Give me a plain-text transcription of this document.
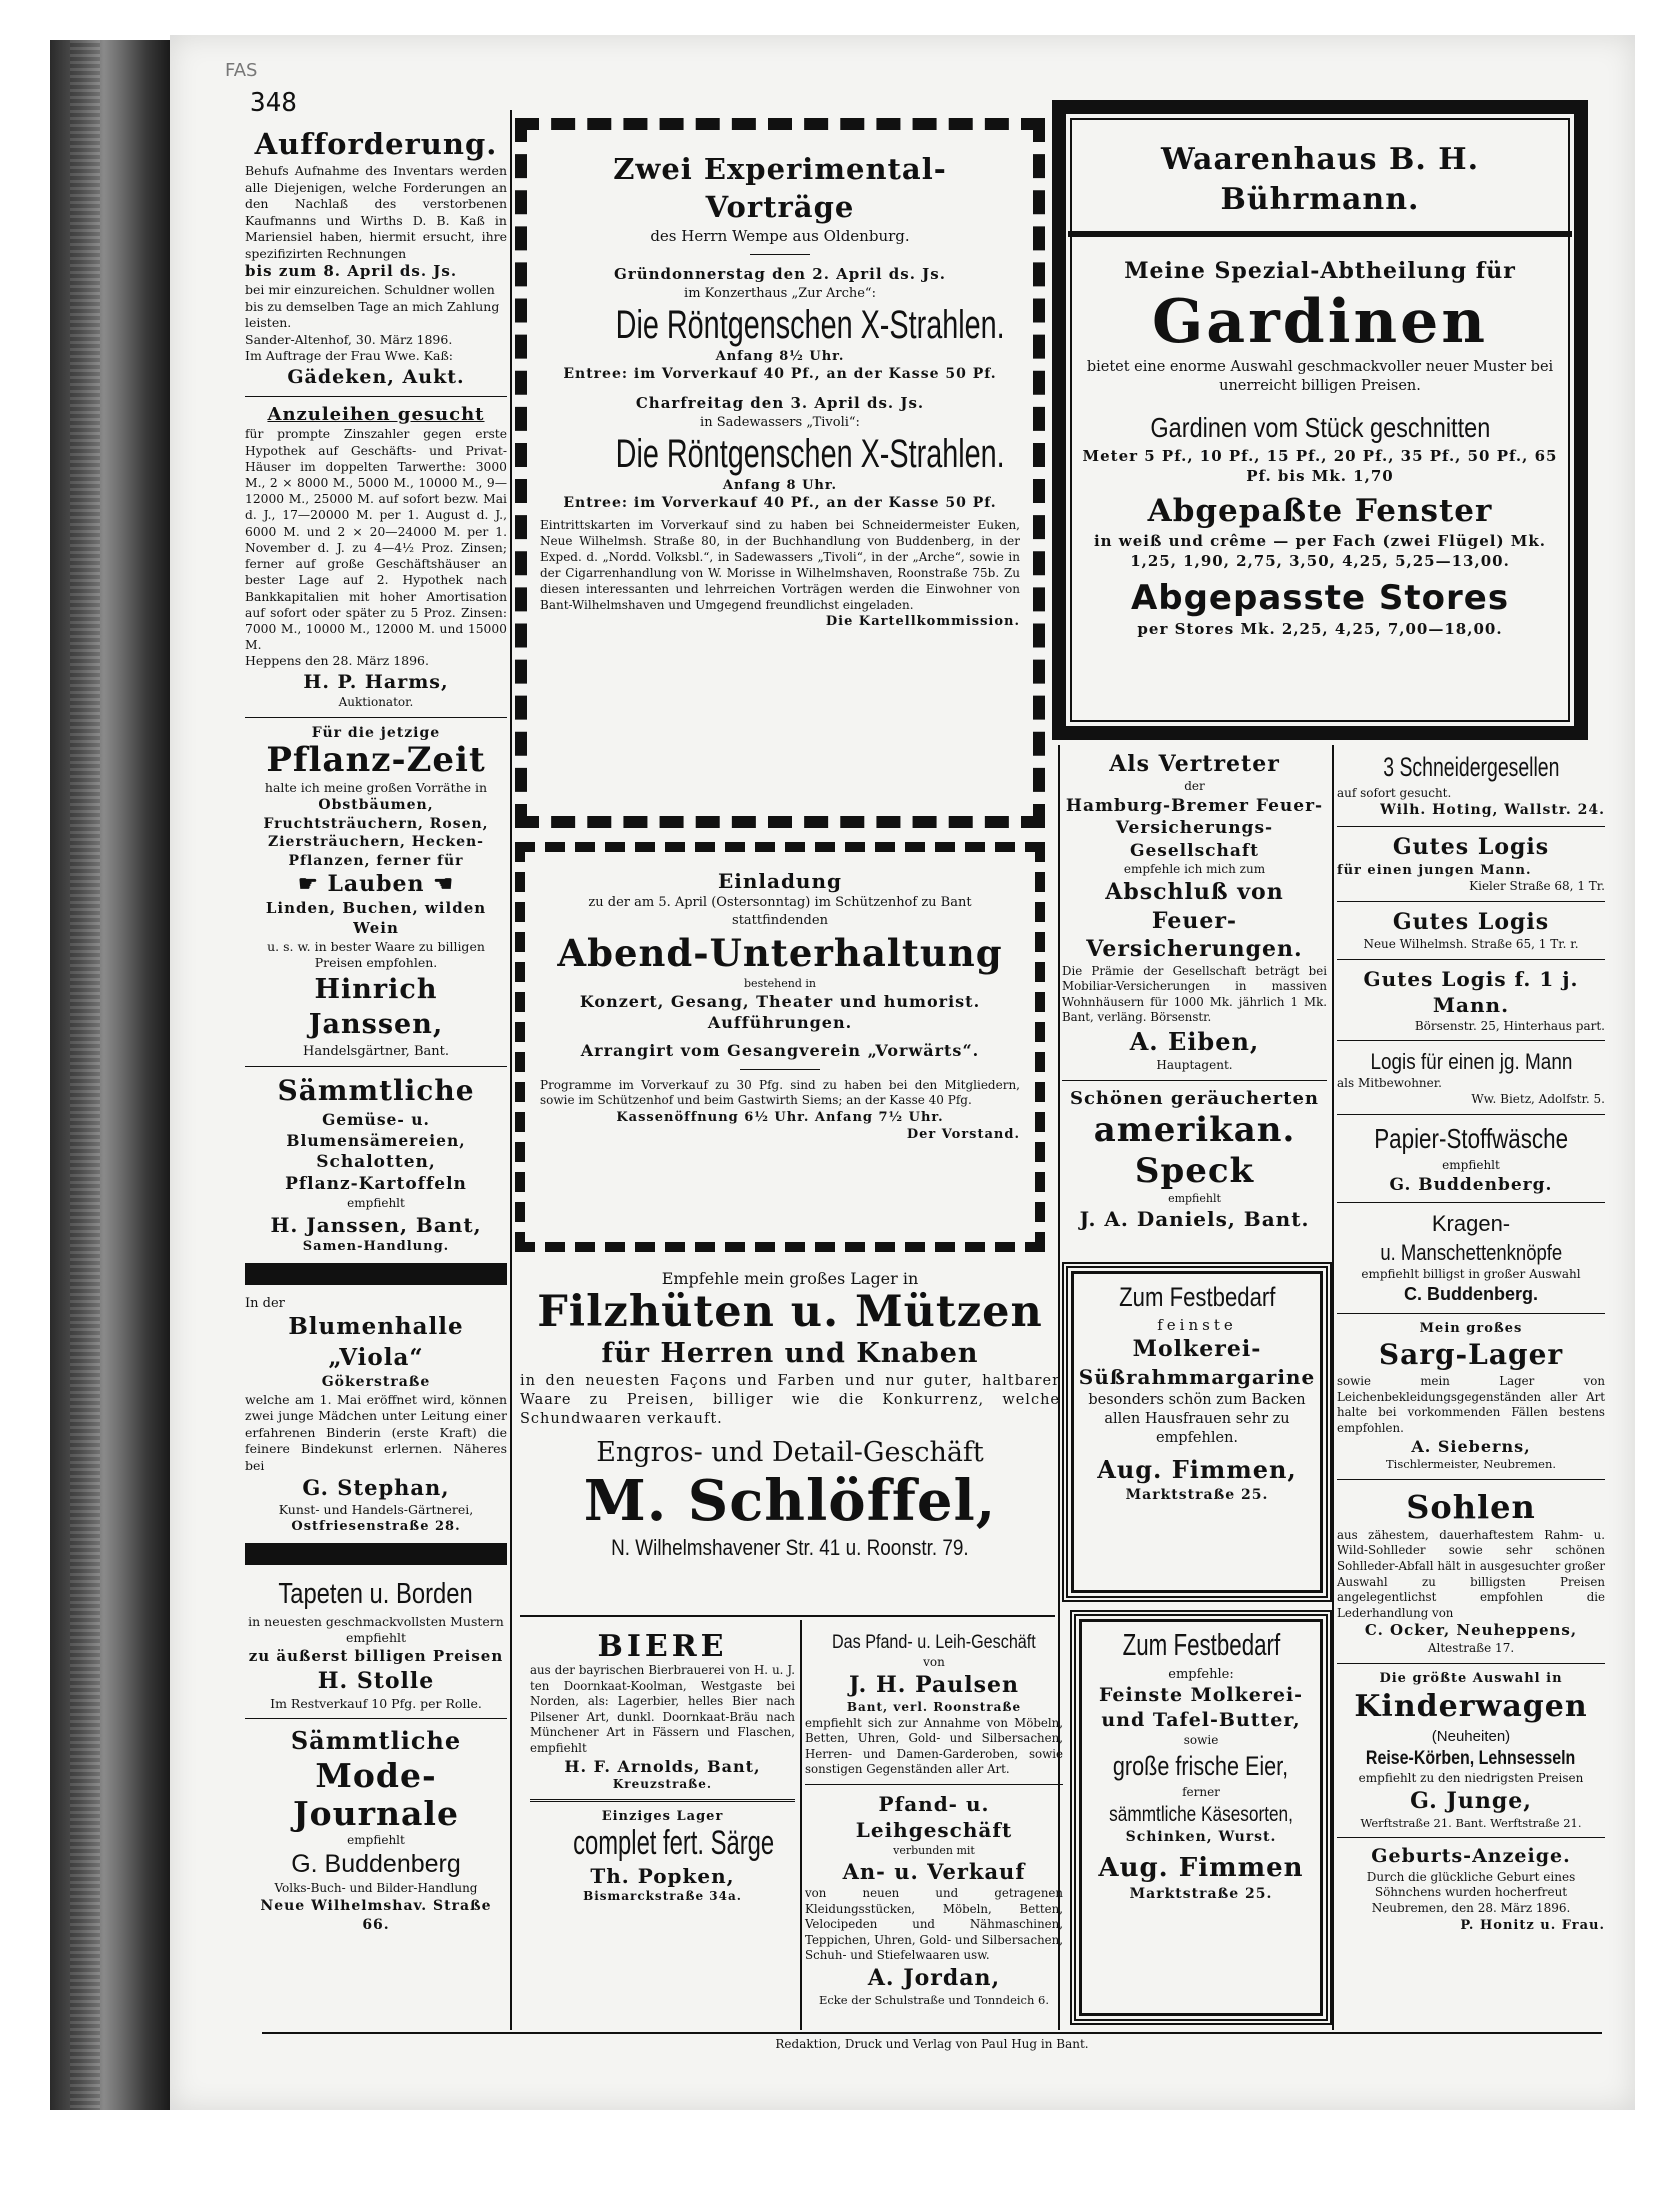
FAS
348
Aufforderung.
Behufs Aufnahme des Inventars werden alle Diejenigen, welche Forderungen an den Nachlaß des verstorbenen Kaufmanns und Wirths D. B. Kaß in Mariensiel haben, hiermit ersucht, ihre spezifizirten Rechnungen
bis zum 8. April ds. Js.
bei mir einzureichen. Schuldner wollen bis zu demselben Tage an mich Zahlung leisten.
Sander-Altenhof, 30. März 1896.
Im Auftrage der Frau Wwe. Kaß:
Gädeken, Aukt.
Anzuleihen gesucht
für prompte Zinszahler gegen erste Hypothek auf Geschäfts- und Privat-Häuser im doppelten Tarwerthe: 3000 M., 2 × 8000 M., 5000 M., 10000 M., 9—12000 M., 25000 M. auf sofort bezw. Mai d. J., 17—20000 M. per 1. August d. J., 6000 M. und 2 × 20—24000 M. per 1. November d. J. zu 4—4½ Proz. Zinsen; ferner auf große Geschäftshäuser an bester Lage auf 2. Hypothek nach Bankkapitalien mit hoher Amortisation auf sofort oder später zu 5 Proz. Zinsen: 7000 M., 10000 M., 12000 M. und 15000 M.
Heppens den 28. März 1896.
H. P. Harms,
Auktionator.
Für die jetzige
Pflanz-Zeit
halte ich meine großen Vorräthe in
Obstbäumen, Fruchtsträuchern, Rosen, Ziersträuchern, Hecken-Pflanzen, ferner für
☛ Lauben ☚
Linden, Buchen, wilden Wein
u. s. w. in bester Waare zu billigen Preisen empfohlen.
Hinrich Janssen,
Handelsgärtner, Bant.
Sämmtliche
Gemüse- u. Blumensämereien,
Schalotten,
Pflanz-Kartoffeln
empfiehlt
H. Janssen, Bant,
Samen-Handlung.
In der
Blumenhalle „Viola“
Gökerstraße
welche am 1. Mai eröffnet wird, können zwei junge Mädchen unter Leitung einer erfahrenen Binderin (erste Kraft) die feinere Bindekunst erlernen. Näheres bei
G. Stephan,
Kunst- und Handels-Gärtnerei,
Ostfriesenstraße 28.
Tapeten u. Borden
in neuesten geschmackvollsten Mustern empfiehlt
zu äußerst billigen Preisen
H. Stolle
Im Restverkauf 10 Pfg. per Rolle.
Sämmtliche
Mode-Journale
empfiehlt
G. Buddenberg
Volks-Buch- und Bilder-Handlung
Neue Wilhelmshav. Straße 66.
Zwei Experimental-Vorträge
des Herrn Wempe aus Oldenburg.
Gründonnerstag den 2. April ds. Js.
im Konzerthaus „Zur Arche“:
Die Röntgenschen X-Strahlen.
Anfang 8½ Uhr.
Entree: im Vorverkauf 40 Pf., an der Kasse 50 Pf.
Charfreitag den 3. April ds. Js.
in Sadewassers „Tivoli“:
Die Röntgenschen X-Strahlen.
Anfang 8 Uhr.
Entree: im Vorverkauf 40 Pf., an der Kasse 50 Pf.
Eintrittskarten im Vorverkauf sind zu haben bei Schneidermeister Euken, Neue Wilhelmsh. Straße 80, in der Buchhandlung von Buddenberg, in der Exped. d. „Nordd. Volksbl.“, in Sadewassers „Tivoli“, in der „Arche“, sowie in der Cigarrenhandlung von W. Morisse in Wilhelmshaven, Roonstraße 75b. Zu diesen interessanten und lehrreichen Vorträgen werden die Einwohner von Bant-Wilhelmshaven und Umgegend freundlichst eingeladen.
Die Kartellkommission.
Einladung
zu der am 5. April (Ostersonntag) im Schützenhof zu Bant stattfindenden
Abend-Unterhaltung
bestehend in
Konzert, Gesang, Theater und humorist. Aufführungen.
Arrangirt vom Gesangverein „Vorwärts“.
Programme im Vorverkauf zu 30 Pfg. sind zu haben bei den Mitgliedern, sowie im Schützenhof und beim Gastwirth Siems; an der Kasse 40 Pfg.
Kassenöffnung 6½ Uhr. Anfang 7½ Uhr.
Der Vorstand.
Empfehle mein großes Lager in
Filzhüten u. Mützen
für Herren und Knaben
in den neuesten Façons und Farben und nur guter, haltbarer Waare zu Preisen, billiger wie die Konkurrenz, welche Schundwaaren verkauft.
Engros- und Detail-Geschäft
M. Schlöffel,
N. Wilhelmshavener Str. 41 u. Roonstr. 79.
BIERE
aus der bayrischen Bierbrauerei von H. u. J. ten Doornkaat-Koolman, Westgaste bei Norden, als: Lagerbier, helles Bier nach Pilsener Art, dunkl. Doornkaat-Bräu nach Münchener Art in Fässern und Flaschen, empfiehlt
H. F. Arnolds, Bant,
Kreuzstraße.
Einziges Lager
complet fert. Särge
Th. Popken,
Bismarckstraße 34a.
Das Pfand- u. Leih-Geschäft
von
J. H. Paulsen
Bant, verl. Roonstraße
empfiehlt sich zur Annahme von Möbeln, Betten, Uhren, Gold- und Silbersachen, Herren- und Damen-Garderoben, sowie sonstigen Gegenständen aller Art.
Pfand- u. Leihgeschäft
verbunden mit
An- u. Verkauf
von neuen und getragenen Kleidungsstücken, Möbeln, Betten, Velocipeden und Nähmaschinen, Teppichen, Uhren, Gold- und Silbersachen, Schuh- und Stiefelwaaren usw.
A. Jordan,
Ecke der Schulstraße und Tonndeich 6.
Waarenhaus B. H. Bührmann.
Meine Spezial-Abtheilung für
Gardinen
bietet eine enorme Auswahl geschmackvoller neuer Muster bei unerreicht billigen Preisen.
Gardinen vom Stück geschnitten
Meter 5 Pf., 10 Pf., 15 Pf., 20 Pf., 35 Pf., 50 Pf., 65 Pf. bis Mk. 1,70
Abgepaßte Fenster
in weiß und crême — per Fach (zwei Flügel) Mk. 1,25, 1,90, 2,75, 3,50, 4,25, 5,25—13,00.
Abgepasste Stores
per Stores Mk. 2,25, 4,25, 7,00—18,00.
Als Vertreter
der
Hamburg-Bremer Feuer-Versicherungs-Gesellschaft
empfehle ich mich zum
Abschluß von Feuer-Versicherungen.
Die Prämie der Gesellschaft beträgt bei Mobiliar-Versicherungen in massiven Wohnhäusern für 1000 Mk. jährlich 1 Mk. Bant, verläng. Börsenstr.
A. Eiben,
Hauptagent.
Schönen geräucherten
amerikan. Speck
empfiehlt
J. A. Daniels, Bant.
Zum Festbedarf
feinste
Molkerei-
Süßrahmmargarine
besonders schön zum Backen allen Hausfrauen sehr zu empfehlen.
Aug. Fimmen,
Marktstraße 25.
Zum Festbedarf
empfehle:
Feinste Molkerei- und Tafel-Butter,
sowie
große frische Eier,
ferner
sämmtliche Käsesorten,
Schinken, Wurst.
Aug. Fimmen
Marktstraße 25.
3 Schneidergesellen
auf sofort gesucht.
Wilh. Hoting, Wallstr. 24.
Gutes Logis
für einen jungen Mann.
Kieler Straße 68, 1 Tr.
Gutes Logis
Neue Wilhelmsh. Straße 65, 1 Tr. r.
Gutes Logis f. 1 j. Mann.
Börsenstr. 25, Hinterhaus part.
Logis für einen jg. Mann
als Mitbewohner.
Ww. Bietz, Adolfstr. 5.
Papier-Stoffwäsche
empfiehlt
G. Buddenberg.
Kragen-
u. Manschettenknöpfe
empfiehlt billigst in großer Auswahl
C. Buddenberg.
Mein großes
Sarg-Lager
sowie mein Lager von Leichenbekleidungsgegenständen aller Art halte bei vorkommenden Fällen bestens empfohlen.
A. Sieberns,
Tischlermeister, Neubremen.
Sohlen
aus zähestem, dauerhaftestem Rahm- u. Wild-Sohlleder sowie sehr schönen Sohlleder-Abfall hält in ausgesuchter großer Auswahl zu billigsten Preisen angelegentlichst empfohlen die Lederhandlung von
C. Ocker, Neuheppens,
Altestraße 17.
Die größte Auswahl in
Kinderwagen
(Neuheiten)
Reise-Körben, Lehnsesseln
empfiehlt zu den niedrigsten Preisen
G. Junge,
Werftstraße 21. Bant. Werftstraße 21.
Geburts-Anzeige.
Durch die glückliche Geburt eines Söhnchens wurden hocherfreut
Neubremen, den 28. März 1896.
P. Honitz u. Frau.
Redaktion, Druck und Verlag von Paul Hug in Bant.
